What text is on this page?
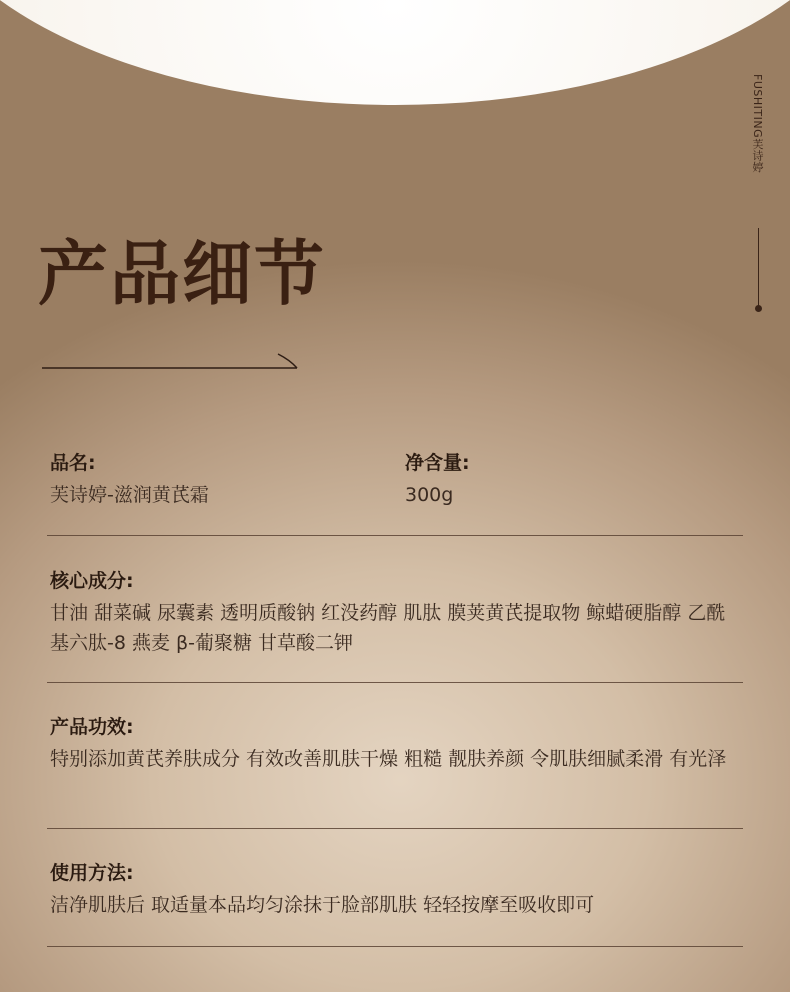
FUSHITING芙诗婷
产品细节
品名:
芙诗婷-滋润黄芪霜
净含量:
300g
核心成分:
甘油 甜菜碱 尿囊素 透明质酸钠 红没药醇 肌肽 膜荚黄芪提取物 鲸蜡硬脂醇 乙酰基六肽-8 燕麦 β-葡聚糖 甘草酸二钾
产品功效:
特别添加黄芪养肤成分 有效改善肌肤干燥 粗糙 靓肤养颜 令肌肤细腻柔滑 有光泽
使用方法:
洁净肌肤后 取适量本品均匀涂抹于脸部肌肤 轻轻按摩至吸收即可
